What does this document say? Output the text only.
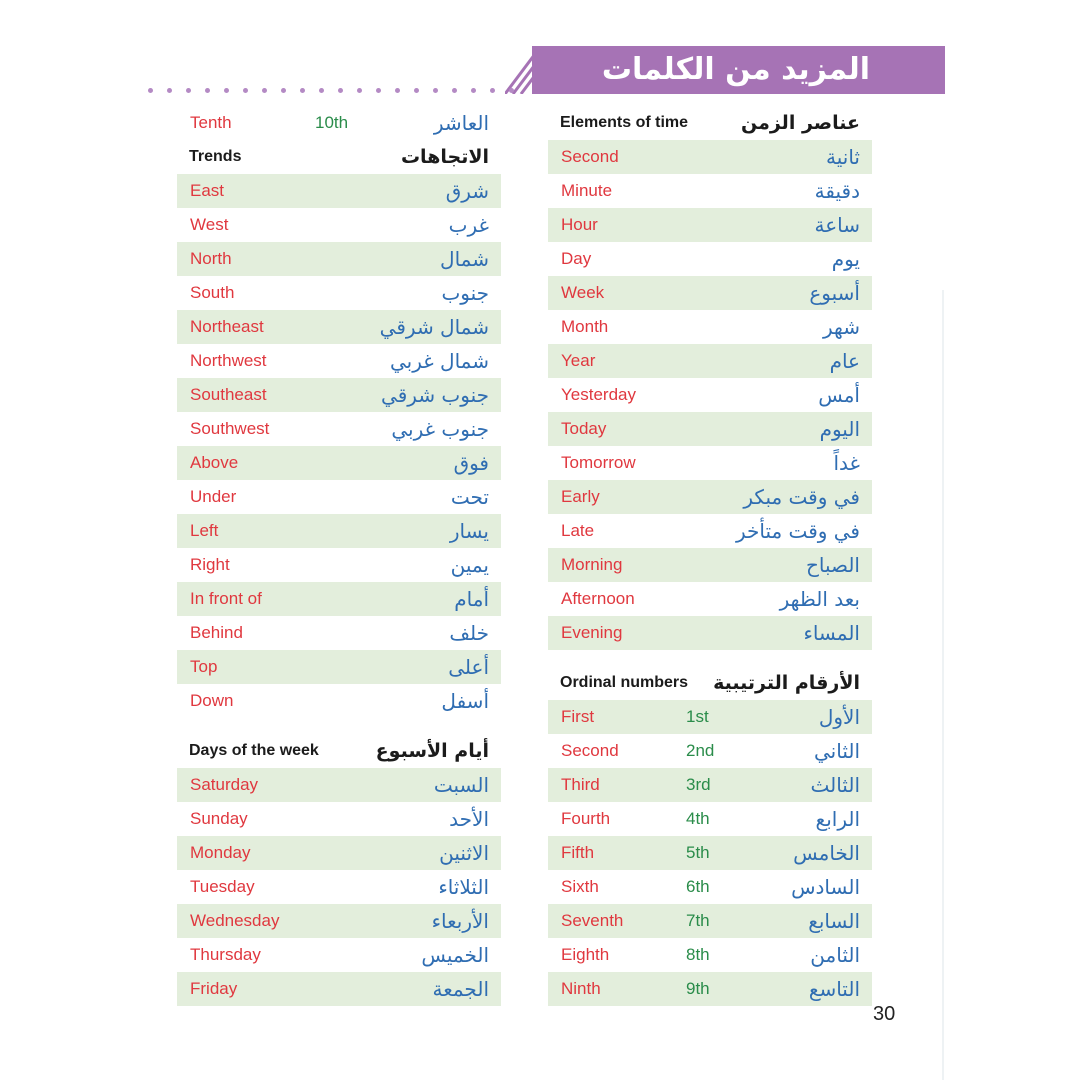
المزيد من الكلمات
Tenth	10th	العاشر
Trends	الاتجاهات
East	شرق
West	غرب
North	شمال
South	جنوب
Northeast	شمال شرقي
Northwest	شمال غربي
Southeast	جنوب شرقي
Southwest	جنوب غربي
Above	فوق
Under	تحت
Left	يسار
Right	يمين
In front of	أمام
Behind	خلف
Top	أعلى
Down	أسفل
Days of the week	أيام الأسبوع
Saturday	السبت
Sunday	الأحد
Monday	الاثنين
Tuesday	الثلاثاء
Wednesday	الأربعاء
Thursday	الخميس
Friday	الجمعة
Elements of time	عناصر الزمن
Second	ثانية
Minute	دقيقة
Hour	ساعة
Day	يوم
Week	أسبوع
Month	شهر
Year	عام
Yesterday	أمس
Today	اليوم
Tomorrow	غداً
Early	في وقت مبكر
Late	في وقت متأخر
Morning	الصباح
Afternoon	بعد الظهر
Evening	المساء
Ordinal numbers الأرقام الترتيبية
First	1st	الأول
Second	2nd	الثاني
Third	3rd	الثالث
Fourth	4th	الرابع
Fifth	5th	الخامس
Sixth	6th	السادس
Seventh	7th	السابع
Eighth	8th	الثامن
Ninth	9th	التاسع
30
